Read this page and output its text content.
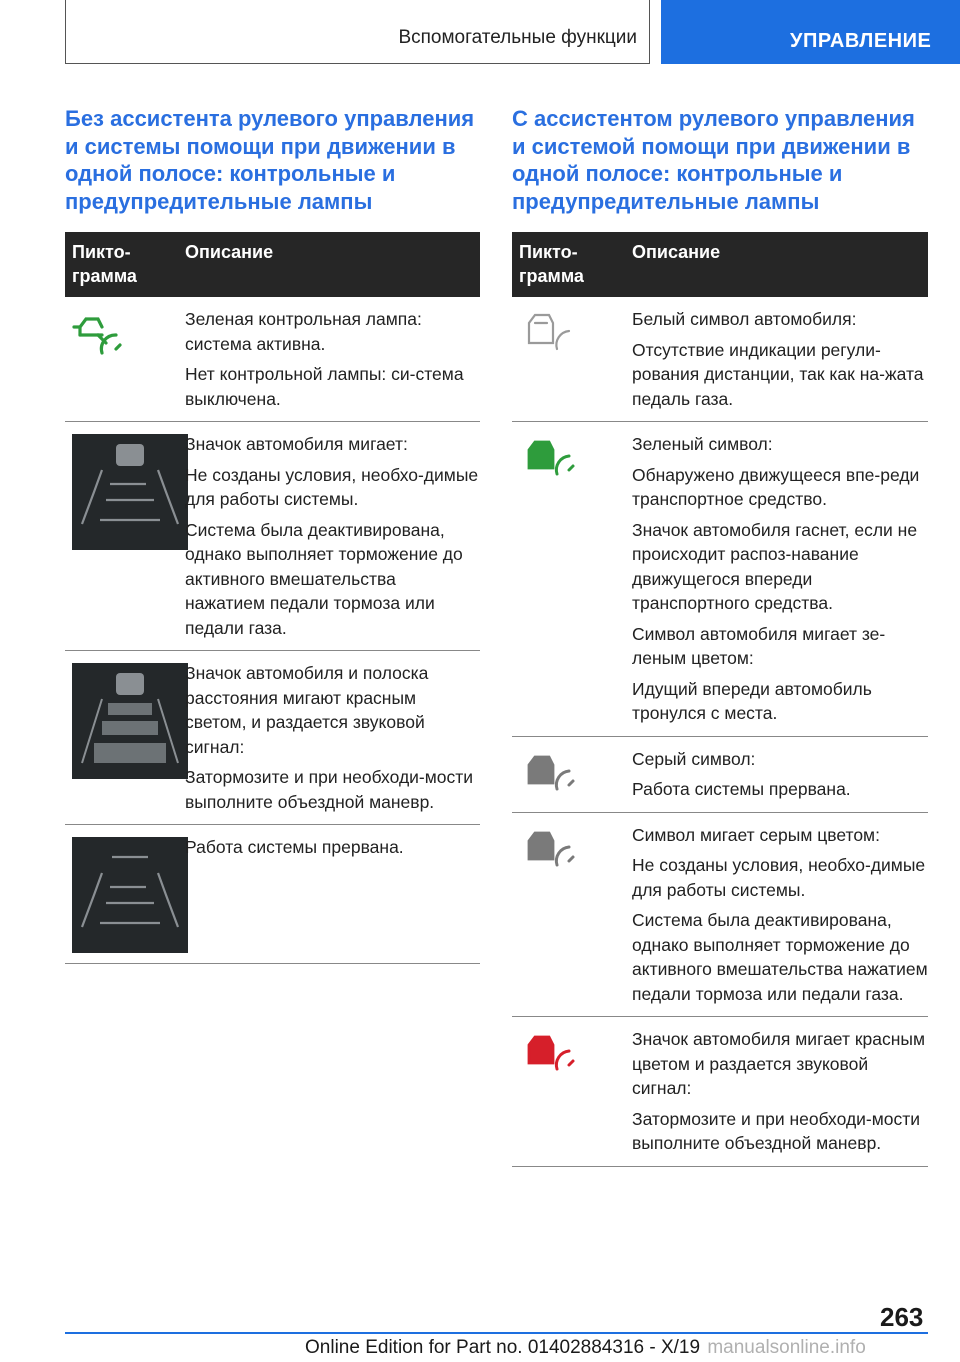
Вспомогательные функции	УПРАВЛЕНИЕ
Без ассистента рулевого управления и системы помощи при движении в одной полосе: контрольные и предупредительные лампы
Пикто-грамма
Описание

Зеленая контрольная лампа: система активна.

Нет контрольной лампы: си-стема выключена.

Значок автомобиля мигает:

Не созданы условия, необхо-димые для работы системы.

Система была деактивирована, однако выполняет торможение до активного вмешательства нажатием педали тормоза или педали газа.

Значок автомобиля и полоска расстояния мигают красным светом, и раздается звуковой сигнал:

Затормозите и при необходи-мости выполните объездной маневр.

Работа системы прервана.

С ассистентом рулевого управления и системой помощи при движении в одной полосе: контрольные и предупредительные лампы
Пикто-грамма
Описание

Белый символ автомобиля:

Отсутствие индикации регули-рования дистанции, так как на-жата педаль газа.

Зеленый символ:

Обнаружено движущееся впе-реди транспортное средство.

Значок автомобиля гаснет, если не происходит распоз-навание движущегося впереди транспортного средства.

Символ автомобиля мигает зе-леным цветом:

Идущий впереди автомобиль тронулся с места.

Серый символ:

Работа системы прервана.

Символ мигает серым цветом:

Не созданы условия, необхо-димые для работы системы.

Система была деактивирована, однако выполняет торможение до активного вмешательства нажатием педали тормоза или педали газа.

Значок автомобиля мигает красным цветом и раздается звуковой сигнал:

Затормозите и при необходи-мости выполните объездной маневр.

263
Online Edition for Part no. 01402884316 - X/19 manualsonline.info
